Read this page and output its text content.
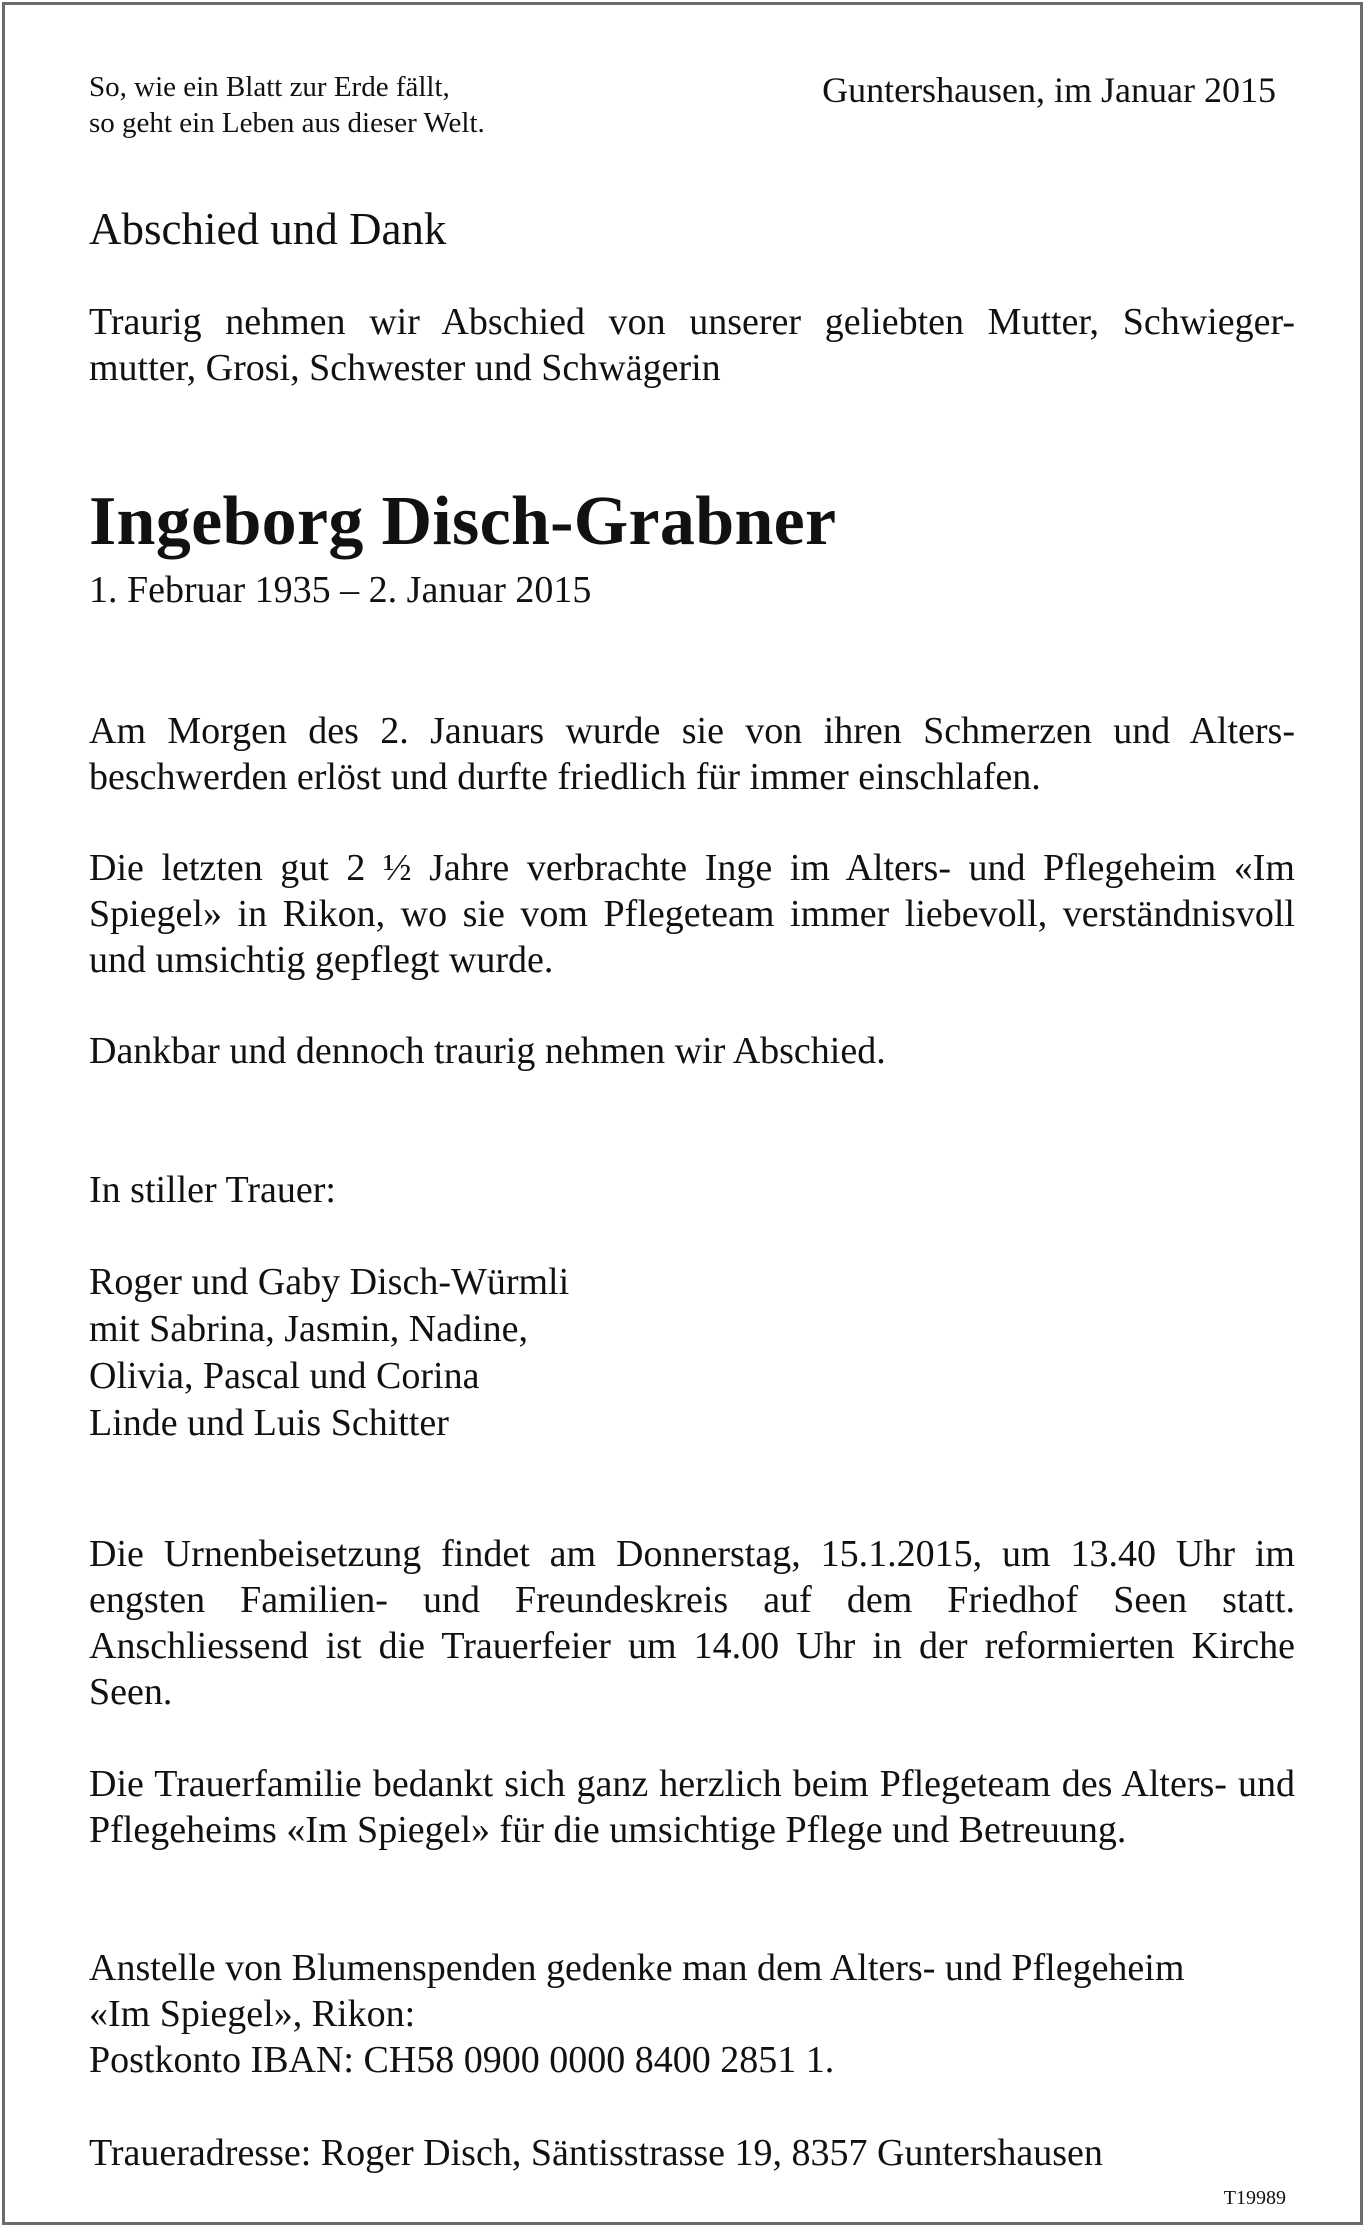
So, wie ein Blatt zur Erde fällt,
so geht ein Leben aus dieser Welt.

Guntershausen, im Januar 2015

Abschied und Dank

Traurig nehmen wir Abschied von unserer geliebten Mutter, Schwieger- mutter, Grosi, Schwester und Schwägerin

Ingeborg Disch-Grabner

1. Februar 1935 – 2. Januar 2015

Am Morgen des 2. Januars wurde sie von ihren Schmerzen und Alters- beschwerden erlöst und durfte friedlich für immer einschlafen.

Die letzten gut 2 ½ Jahre verbrachte Inge im Alters- und Pflegeheim «Im Spiegel» in Rikon, wo sie vom Pflegeteam immer liebevoll, verständnisvoll und umsichtig gepflegt wurde.

Dankbar und dennoch traurig nehmen wir Abschied.

In stiller Trauer:

Roger und Gaby Disch-Würmli
mit Sabrina, Jasmin, Nadine,
Olivia, Pascal und Corina
Linde und Luis Schitter

Die Urnenbeisetzung findet am Donnerstag, 15.1.2015, um 13.40 Uhr im engsten Familien- und Freundeskreis auf dem Friedhof Seen statt. Anschliessend ist die Trauerfeier um 14.00 Uhr in der reformierten Kirche Seen.

Die Trauerfamilie bedankt sich ganz herzlich beim Pflegeteam des Alters- und Pflegeheims «Im Spiegel» für die umsichtige Pflege und Betreuung.

Anstelle von Blumenspenden gedenke man dem Alters- und Pflegeheim
«Im Spiegel», Rikon:
Postkonto IBAN: CH58 0900 0000 8400 2851 1.

Traueradresse: Roger Disch, Säntisstrasse 19, 8357 Guntershausen

T19989
